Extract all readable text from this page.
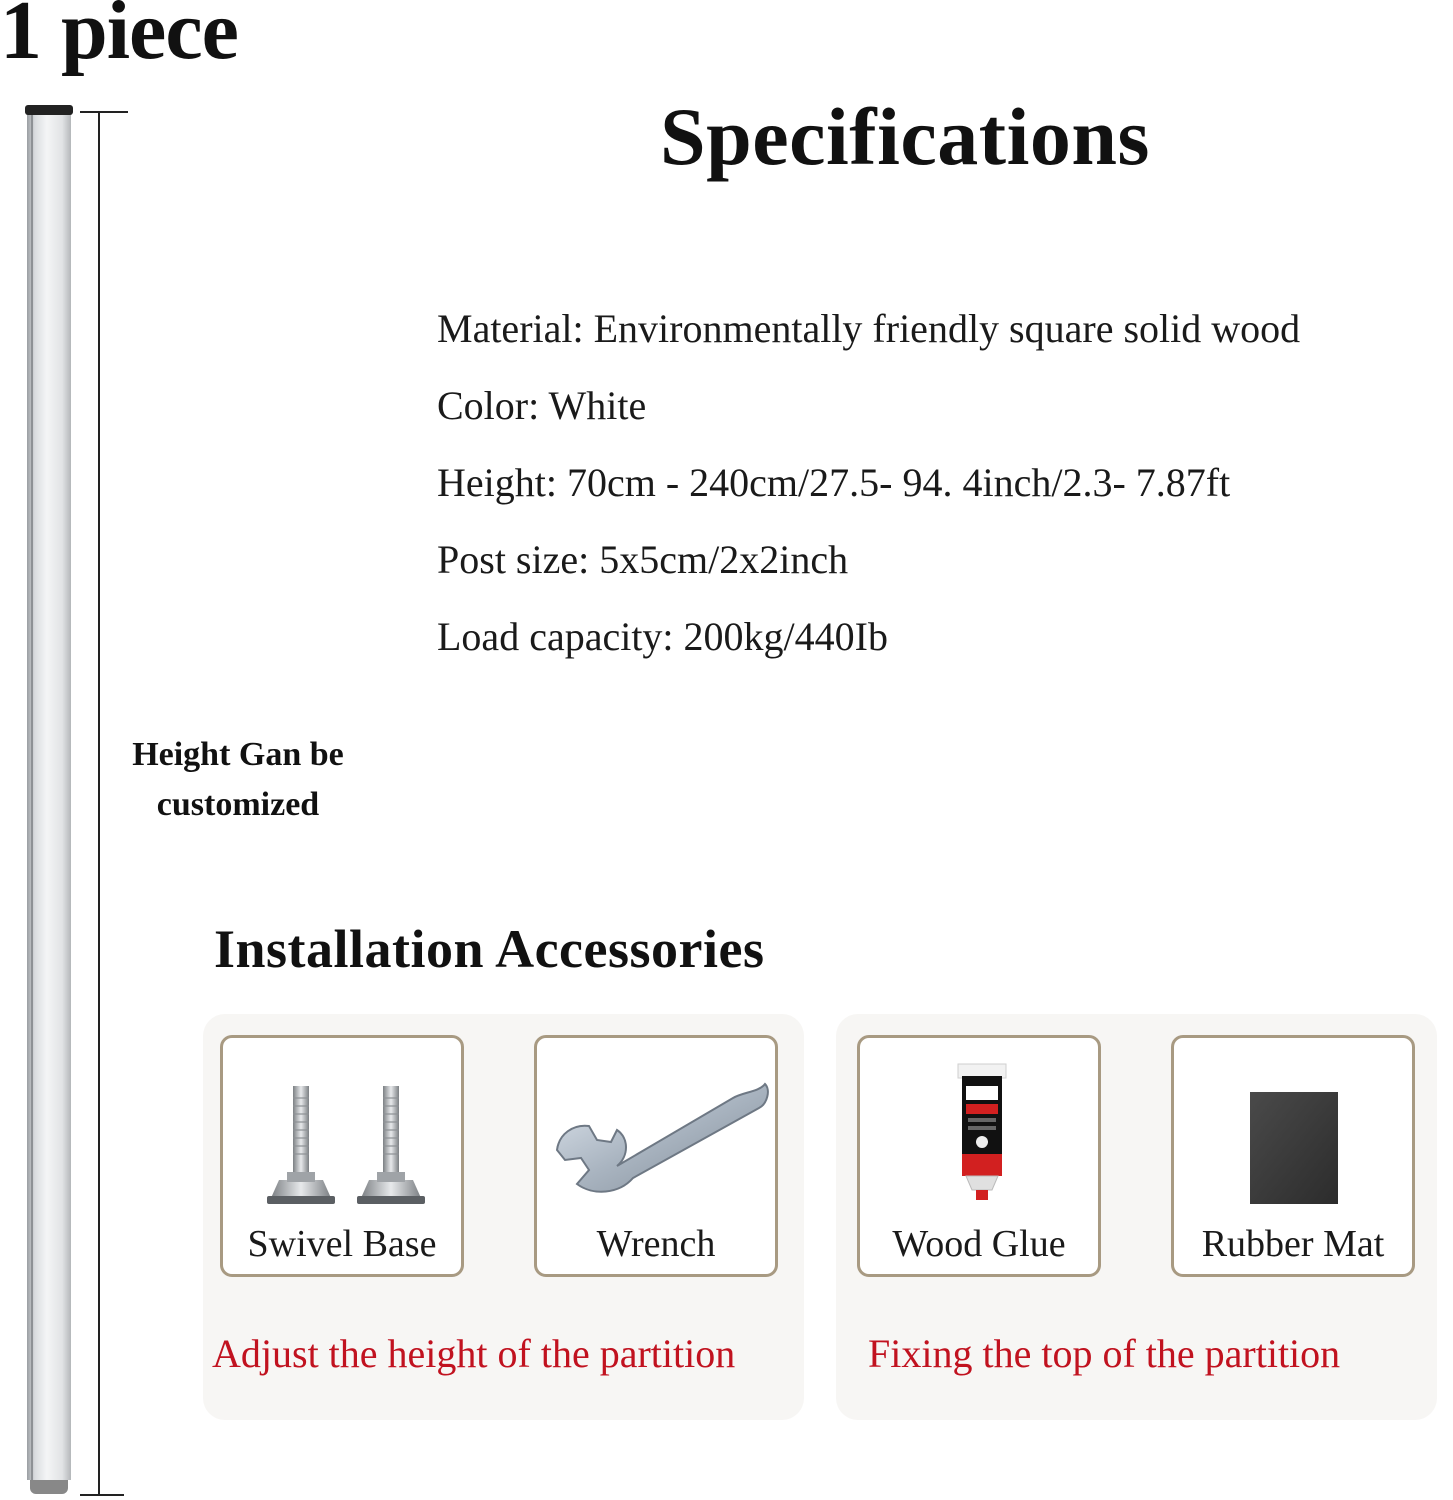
1 piece
Height Gan be
customized
Specifications
Material: Environmentally friendly square solid wood
Color: White
Height: 70cm - 240cm/27.5- 94. 4inch/2.3- 7.87ft
Post size: 5x5cm/2x2inch
Load capacity: 200kg/440Ib
Installation Accessories
Swivel Base	Wrench	Wood Glue	Rubber Mat
Adjust the height of the partition	Fixing the top of the partition
